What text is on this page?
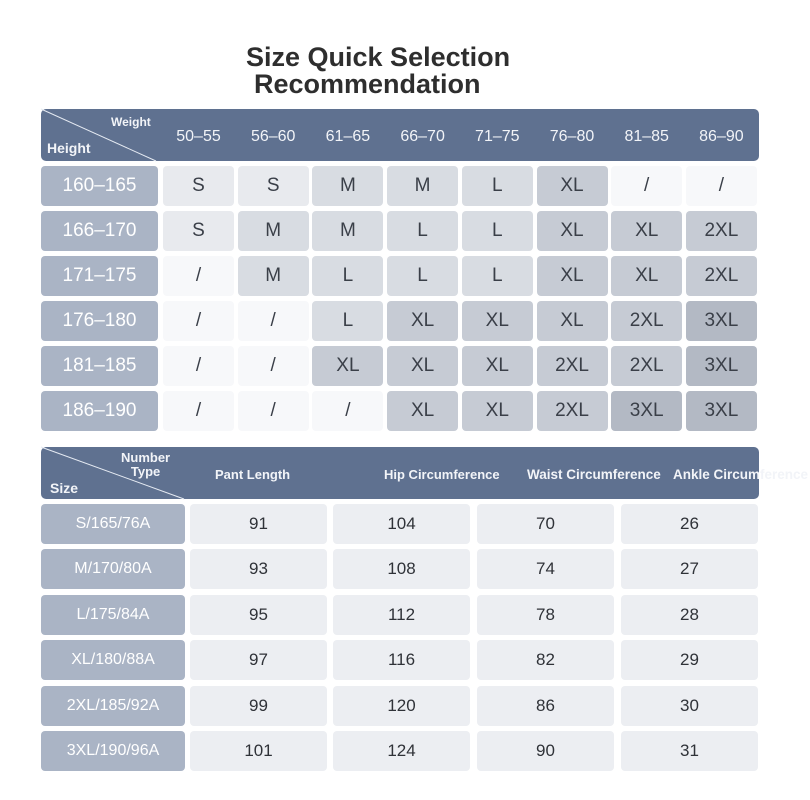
Size Quick Selection
Recommendation
Weight
Height
50–55	56–60	61–65	66–70	71–75	76–80	81–85	86–90
160–165	S	S	M	M	L	XL	/	/
166–170	S	M	M	L	L	XL	XL	2XL
171–175	/	M	L	L	L	XL	XL	2XL
176–180	/	/	L	XL	XL	XL	2XL	3XL
181–185	/	/	XL	XL	XL	2XL	2XL	3XL
186–190	/	/	/	XL	XL	2XL	3XL	3XL
Number
Type
Size
Pant Length	Hip Circumference	Waist Circumference Ankle Circumference
S/165/76A	91	104	70	26
M/170/80A	93	108	74	27
L/175/84A	95	112	78	28
XL/180/88A	97	116	82	29
2XL/185/92A	99	120	86	30
3XL/190/96A	101	124	90	31
